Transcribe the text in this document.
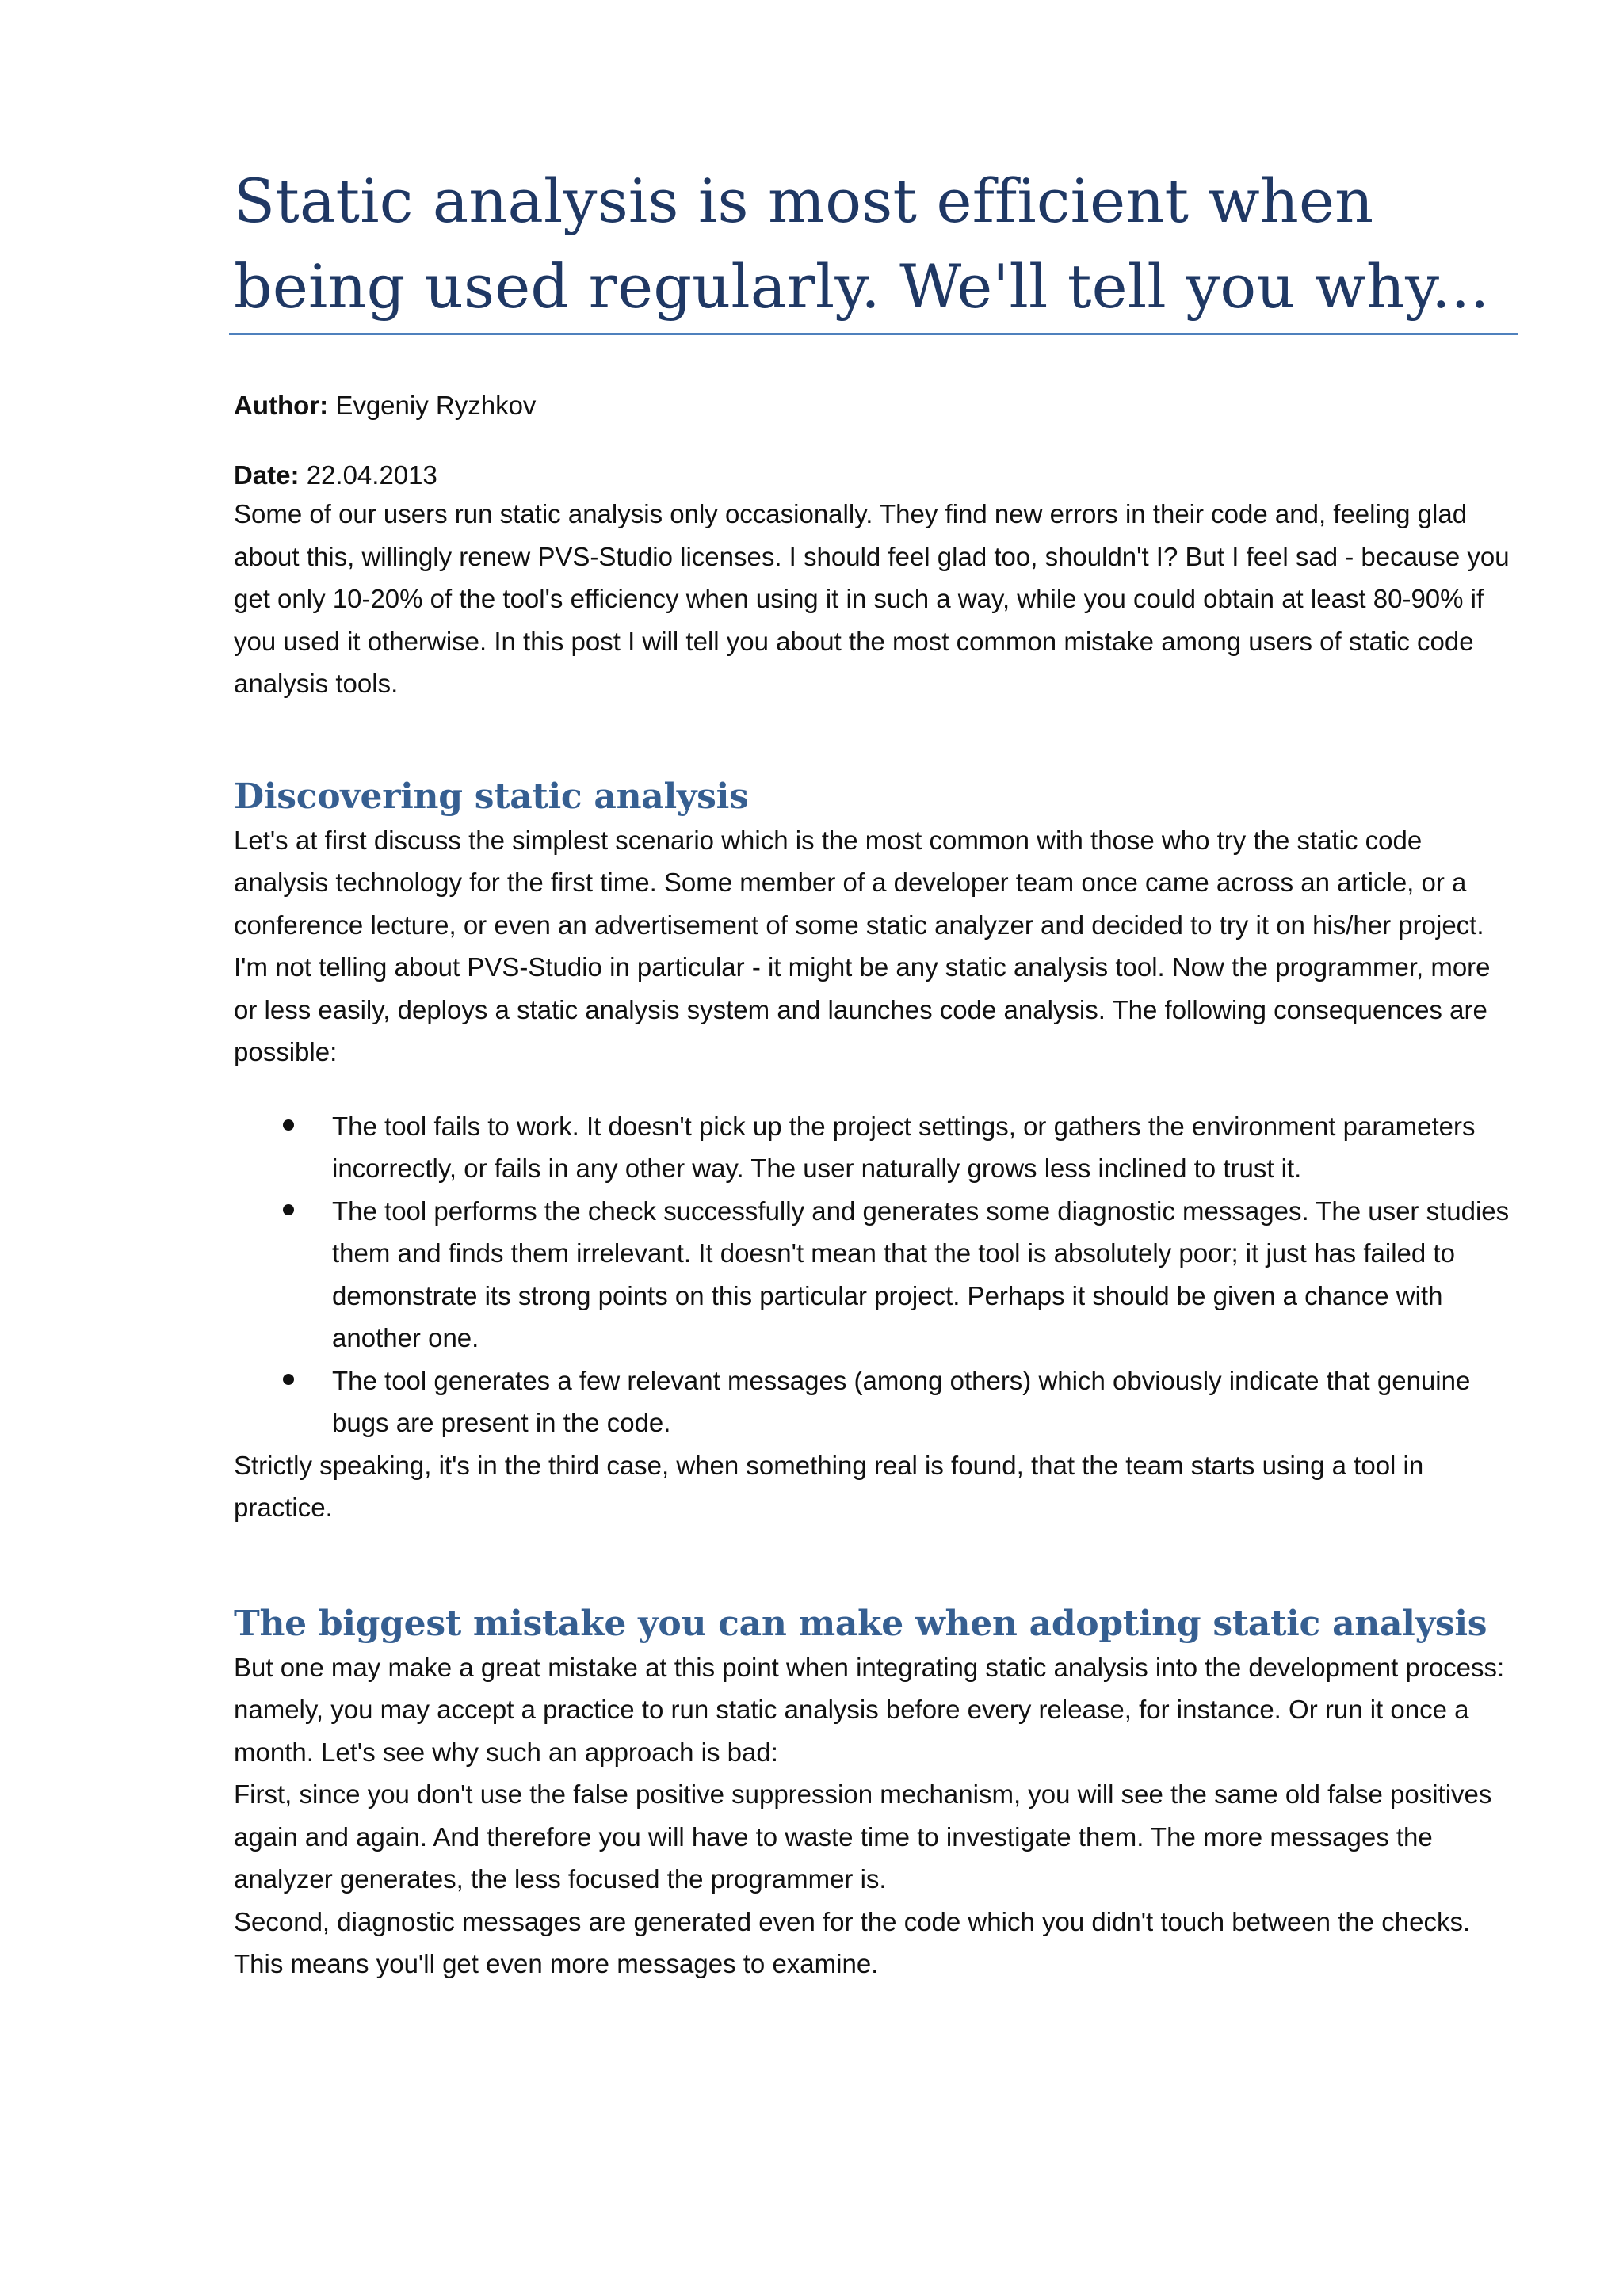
Static analysis is most efficient when being used regularly. We'll tell you why...

Author: Evgeniy Ryzhkov

Date: 22.04.2013

Some of our users run static analysis only occasionally. They find new errors in their code and, feeling glad about this, willingly renew PVS-Studio licenses. I should feel glad too, shouldn't I? But I feel sad - because you get only 10-20% of the tool's efficiency when using it in such a way, while you could obtain at least 80-90% if you used it otherwise. In this post I will tell you about the most common mistake among users of static code analysis tools.

Discovering static analysis

Let's at first discuss the simplest scenario which is the most common with those who try the static code analysis technology for the first time. Some member of a developer team once came across an article, or a conference lecture, or even an advertisement of some static analyzer and decided to try it on his/her project. I'm not telling about PVS-Studio in particular - it might be any static analysis tool. Now the programmer, more or less easily, deploys a static analysis system and launches code analysis. The following consequences are possible:

The tool fails to work. It doesn't pick up the project settings, or gathers the environment parameters incorrectly, or fails in any other way. The user naturally grows less inclined to trust it.
The tool performs the check successfully and generates some diagnostic messages. The user studies them and finds them irrelevant. It doesn't mean that the tool is absolutely poor; it just has failed to demonstrate its strong points on this particular project. Perhaps it should be given a chance with another one.
The tool generates a few relevant messages (among others) which obviously indicate that genuine bugs are present in the code.

Strictly speaking, it's in the third case, when something real is found, that the team starts using a tool in practice.

The biggest mistake you can make when adopting static analysis

But one may make a great mistake at this point when integrating static analysis into the development process: namely, you may accept a practice to run static analysis before every release, for instance. Or run it once a month. Let's see why such an approach is bad:

First, since you don't use the false positive suppression mechanism, you will see the same old false positives again and again. And therefore you will have to waste time to investigate them. The more messages the analyzer generates, the less focused the programmer is.

Second, diagnostic messages are generated even for the code which you didn't touch between the checks. This means you'll get even more messages to examine.
